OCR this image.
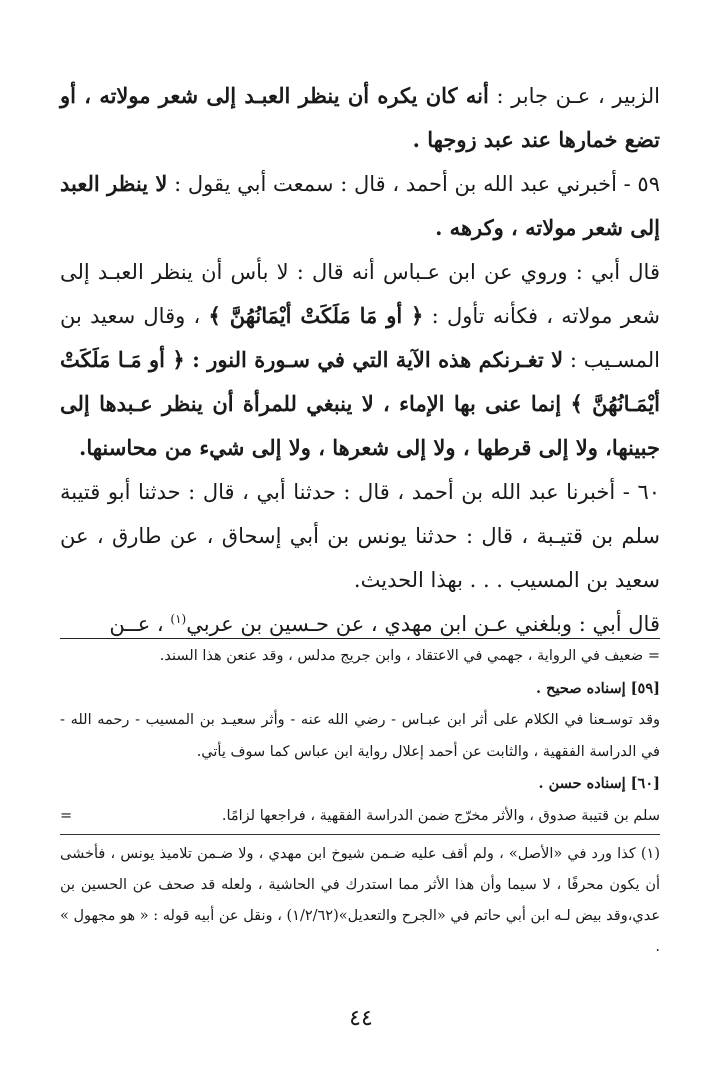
الزبير ، عـن جابر : أنه كان يكره أن ينظر العبـد إلى شعر مولاته ، أو تضع خمارها عند عبد زوجها .

٥٩ - أخبرني عبد الله بن أحمد ، قال : سمعت أبي يقول : لا ينظر العبد إلى شعر مولاته ، وكرهه .

قال أبي : وروي عن ابن عـباس أنه قال : لا بأس أن ينظر العبـد إلى شعر مولاته ، فكأنه تأول : ﴿ أو مَا مَلَكَتْ أيْمَانُهُنَّ ﴾ ، وقال سعيد بن المسـيب : لا تغـرنكم هذه الآية التي في سـورة النور : ﴿ أو مَـا مَلَكَتْ أيْمَـانُهُنَّ ﴾ إنما عنى بها الإماء ، لا ينبغي للمرأة أن ينظر عـبدها إلى جبينها، ولا إلى قرطها ، ولا إلى شعرها ، ولا إلى شيء من محاسنها.

٦٠ - أخبرنا عبد الله بن أحمد ، قال : حدثنا أبي ، قال : حدثنا أبو قتيبة سلم بن قتيـبة ، قال : حدثنا يونس بن أبي إسحاق ، عن طارق ، عن سعيد بن المسيب . . . بهذا الحديث.

قال أبي : وبلغني عـن ابن مهدي ، عن حـسين بن عربي$^{(١)}$ ، عــن

= ضعيف في الرواية ، جهمي في الاعتقاد ، وابن جريج مدلس ، وقد عنعن هذا السند.

[٥٩] إسناده صحيح .

وقد توسـعنا في الكلام على أثر ابن عبـاس - رضي الله عنه - وأثر سعيـد بن المسيب - رحمه الله - في الدراسة الفقهية ، والثابت عن أحمد إعلال رواية ابن عباس كما سوف يأتي.

[٦٠] إسناده حسن .

=	سلم بن قتيبة صدوق ، والأثر مخرّج ضمن الدراسة الفقهية ، فراجعها لزامًا.

(١) كذا ورد في «الأصل» ، ولم أقف عليه ضـمن شيوخ ابن مهدي ، ولا ضـمن تلاميذ يونس ، فأخشى أن يكون محرفًا ، لا سيما وأن هذا الأثر مما استدرك في الحاشية ، ولعله قد صحف عن الحسين بن عدي،وقد بيض لـه ابن أبي حاتم في «الجرح والتعديل»(١/٢/٦٢) ، ونقل عن أبيه قوله : « هو مجهول » .

٤٤
